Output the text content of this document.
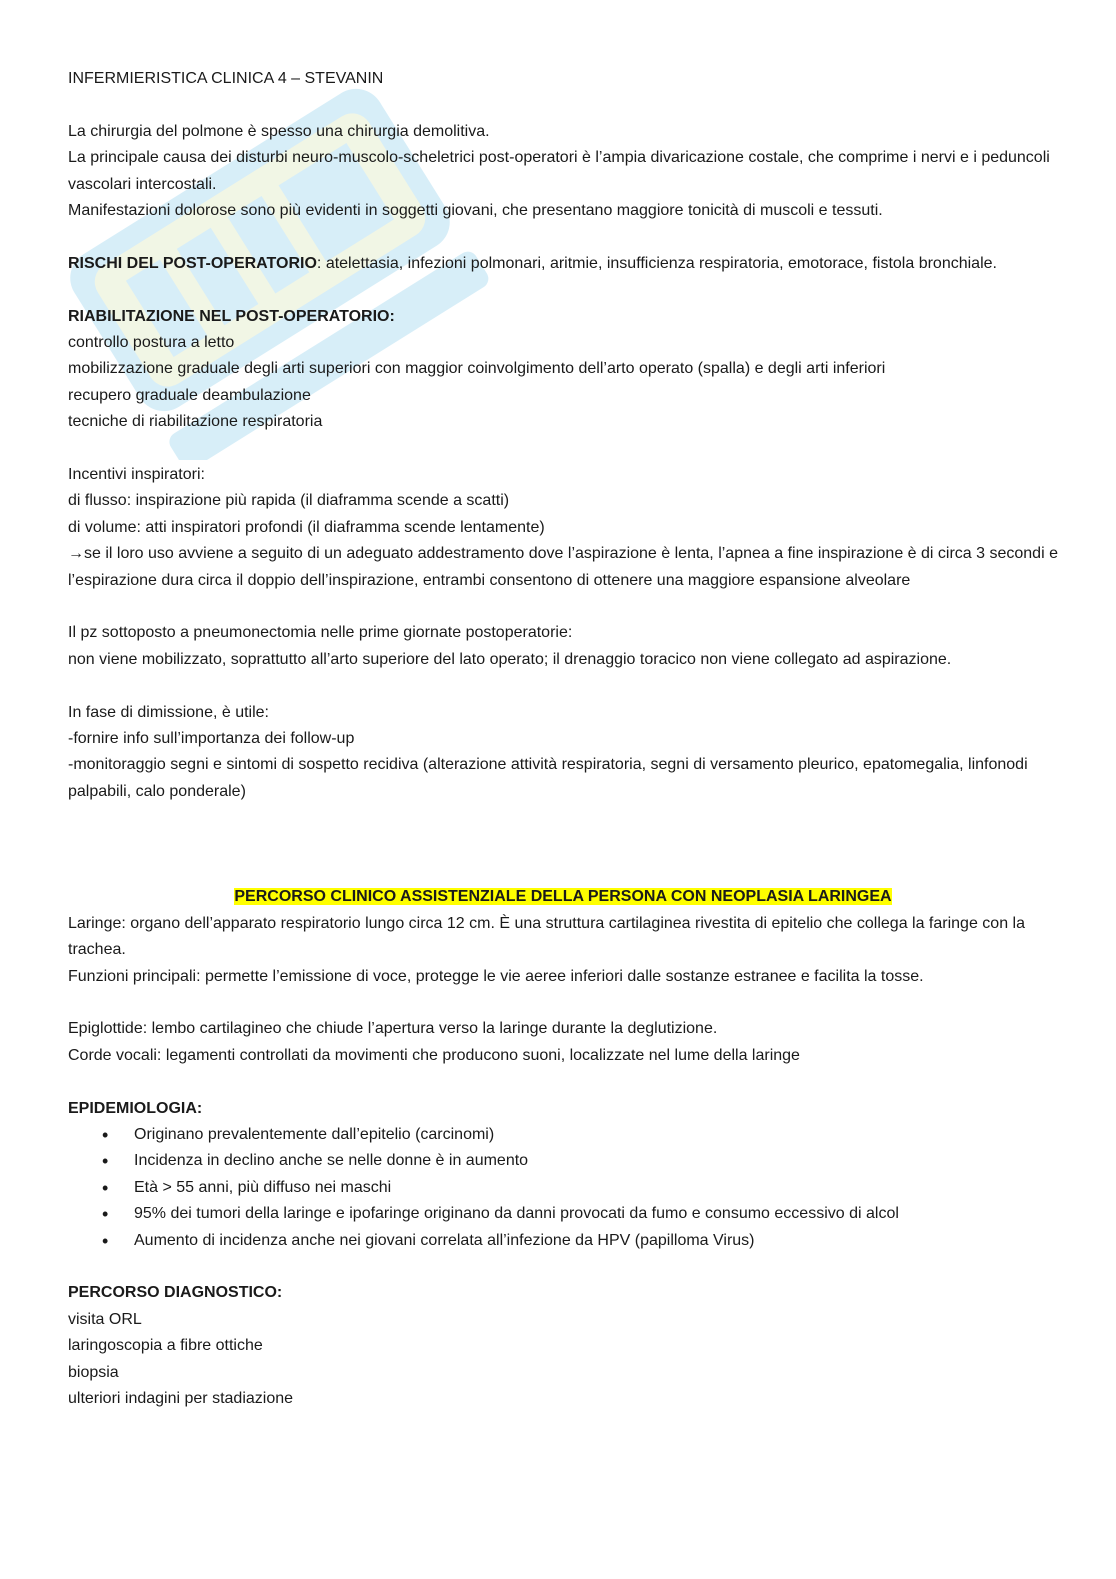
INFERMIERISTICA CLINICA 4 – STEVANIN

La chirurgia del polmone è spesso una chirurgia demolitiva.

La principale causa dei disturbi neuro-muscolo-scheletrici post-operatori è l’ampia divaricazione costale, che comprime i nervi e i peduncoli vascolari intercostali.

Manifestazioni dolorose sono più evidenti in soggetti giovani, che presentano maggiore tonicità di muscoli e tessuti.

RISCHI DEL POST-OPERATORIO: atelettasia, infezioni polmonari, aritmie, insufficienza respiratoria, emotorace, fistola bronchiale.

RIABILITAZIONE NEL POST-OPERATORIO:

controllo postura a letto

mobilizzazione graduale degli arti superiori con maggior coinvolgimento dell’arto operato (spalla) e degli arti inferiori

recupero graduale deambulazione

tecniche di riabilitazione respiratoria

Incentivi inspiratori:

di flusso: inspirazione più rapida (il diaframma scende a scatti)

di volume: atti inspiratori profondi (il diaframma scende lentamente)

→se il loro uso avviene a seguito di un adeguato addestramento dove l’aspirazione è lenta, l’apnea a fine inspirazione è di circa 3 secondi e l’espirazione dura circa il doppio dell’inspirazione, entrambi consentono di ottenere una maggiore espansione alveolare

Il pz sottoposto a pneumonectomia nelle prime giornate postoperatorie:

non viene mobilizzato, soprattutto all’arto superiore del lato operato; il drenaggio toracico non viene collegato ad aspirazione.

In fase di dimissione, è utile:

-fornire info sull’importanza dei follow-up

-monitoraggio segni e sintomi di sospetto recidiva (alterazione attività respiratoria, segni di versamento pleurico, epatomegalia, linfonodi palpabili, calo ponderale)

PERCORSO CLINICO ASSISTENZIALE DELLA PERSONA CON NEOPLASIA LARINGEA

Laringe: organo dell’apparato respiratorio lungo circa 12 cm. È una struttura cartilaginea rivestita di epitelio che collega la faringe con la trachea.

Funzioni principali: permette l’emissione di voce, protegge le vie aeree inferiori dalle sostanze estranee e facilita la tosse.

Epiglottide: lembo cartilagineo che chiude l’apertura verso la laringe durante la deglutizione.

Corde vocali: legamenti controllati da movimenti che producono suoni, localizzate nel lume della laringe

EPIDEMIOLOGIA:

• Originano prevalentemente dall’epitelio (carcinomi)
• Incidenza in declino anche se nelle donne è in aumento
• Età > 55 anni, più diffuso nei maschi
• 95% dei tumori della laringe e ipofaringe originano da danni provocati da fumo e consumo eccessivo di alcol
• Aumento di incidenza anche nei giovani correlata all’infezione da HPV (papilloma Virus)

PERCORSO DIAGNOSTICO:

visita ORL

laringoscopia a fibre ottiche

biopsia

ulteriori indagini per stadiazione
